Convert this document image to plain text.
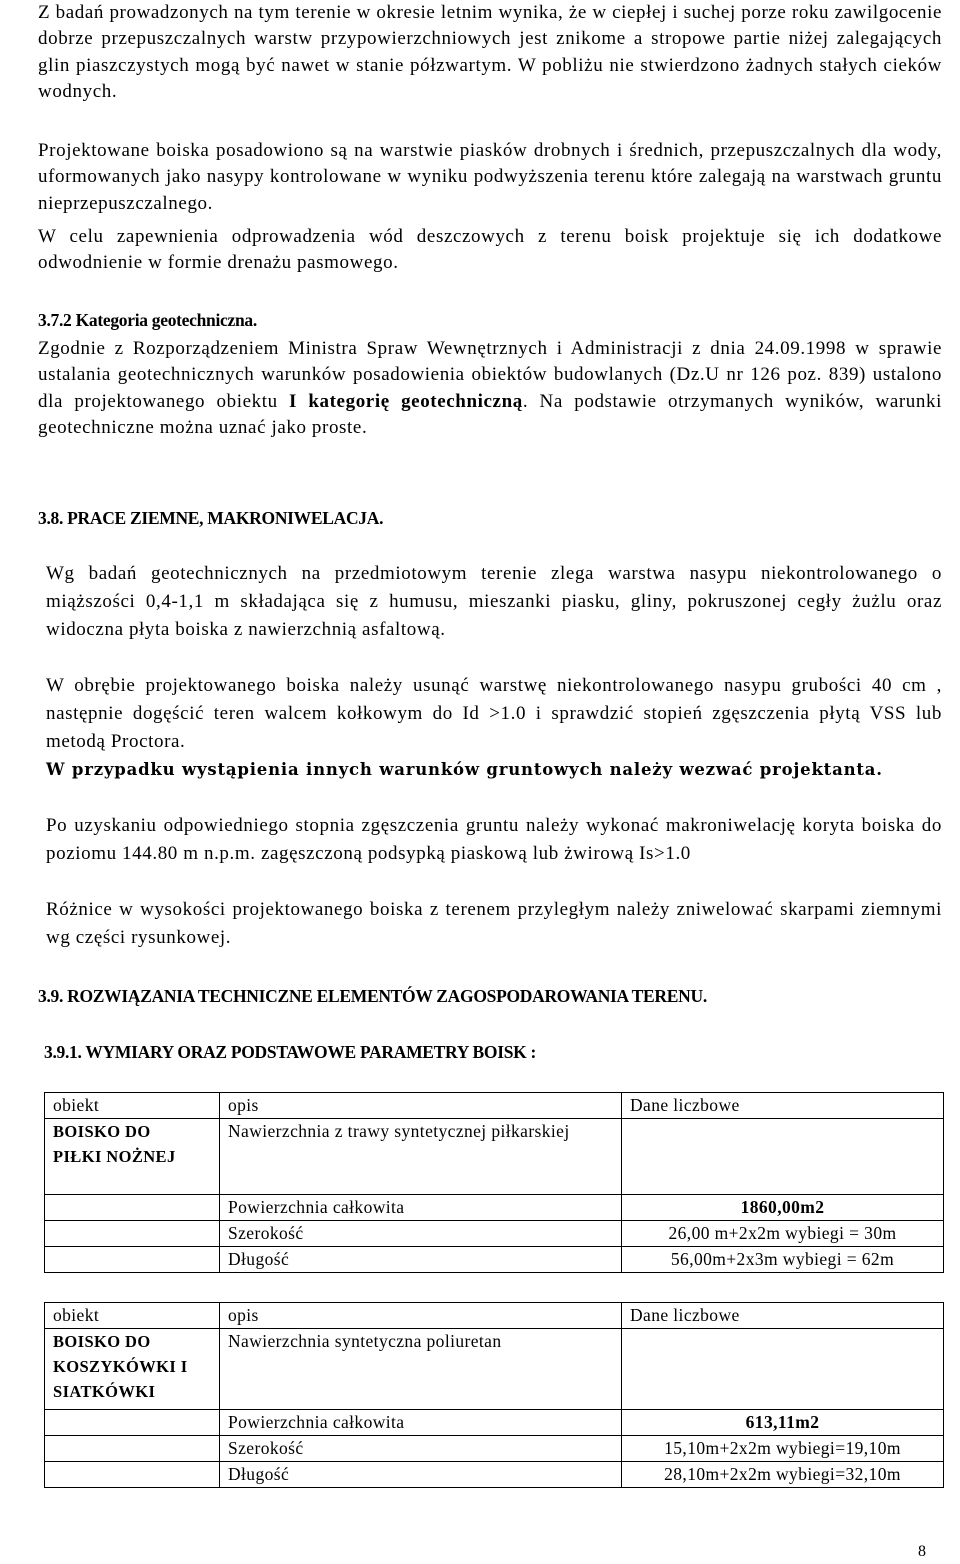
Z badań prowadzonych na tym terenie w okresie letnim wynika, że w ciepłej i suchej porze roku zawilgocenie dobrze przepuszczalnych warstw przypowierzchniowych jest znikome a stropowe partie niżej zalegających glin piaszczystych mogą być nawet w stanie półzwartym. W pobliżu nie stwierdzono żadnych stałych cieków wodnych.

Projektowane boiska posadowiono są na warstwie piasków drobnych i średnich, przepuszczalnych dla wody, uformowanych jako nasypy kontrolowane w wyniku podwyższenia terenu które zalegają na warstwach gruntu nieprzepuszczalnego.

W celu zapewnienia odprowadzenia wód deszczowych z terenu boisk projektuje się ich dodatkowe odwodnienie w formie drenażu pasmowego.

3.7.2 Kategoria geotechniczna.

Zgodnie z Rozporządzeniem Ministra Spraw Wewnętrznych i Administracji z dnia 24.09.1998 w sprawie ustalania geotechnicznych warunków posadowienia obiektów budowlanych (Dz.U nr 126 poz. 839) ustalono dla projektowanego obiektu I kategorię geotechniczną. Na podstawie otrzymanych wyników, warunki geotechniczne można uznać jako proste.

3.8. PRACE ZIEMNE, MAKRONIWELACJA.

Wg badań geotechnicznych na przedmiotowym terenie zlega warstwa nasypu niekontrolowanego o miąższości 0,4-1,1 m składająca się z humusu, mieszanki piasku, gliny, pokruszonej cegły żużlu oraz widoczna płyta boiska z nawierzchnią asfaltową.

W obrębie projektowanego boiska należy usunąć warstwę niekontrolowanego nasypu grubości 40 cm , następnie dogęścić teren walcem kołkowym do Id >1.0 i sprawdzić stopień zgęszczenia płytą VSS lub metodą Proctora.

W przypadku wystąpienia innych warunków gruntowych należy wezwać projektanta.

Po uzyskaniu odpowiedniego stopnia zgęszczenia gruntu należy wykonać makroniwelację koryta boiska do poziomu 144.80 m n.p.m. zagęszczoną podsypką piaskową lub żwirową Is>1.0

Różnice w wysokości projektowanego boiska z terenem przyległym należy zniwelować skarpami ziemnymi wg części rysunkowej.

3.9. ROZWIĄZANIA TECHNICZNE ELEMENTÓW ZAGOSPODAROWANIA TERENU.

3.9.1. WYMIARY ORAZ PODSTAWOWE PARAMETRY BOISK :

obiekt	opis	Dane liczbowe

BOISKO DO
PIŁKI NOŻNEJ	Nawierzchnia z trawy syntetycznej piłkarskiej	
	Powierzchnia całkowita	1860,00m2
	Szerokość	26,00 m+2x2m wybiegi = 30m
	Długość	56,00m+2x3m wybiegi = 62m
obiekt	opis	Dane liczbowe

BOISKO DO
KOSZYKÓWKI I
SIATKÓWKI	Nawierzchnia syntetyczna poliuretan	
	Powierzchnia całkowita	613,11m2
	Szerokość	15,10m+2x2m wybiegi=19,10m
	Długość	28,10m+2x2m wybiegi=32,10m
8
